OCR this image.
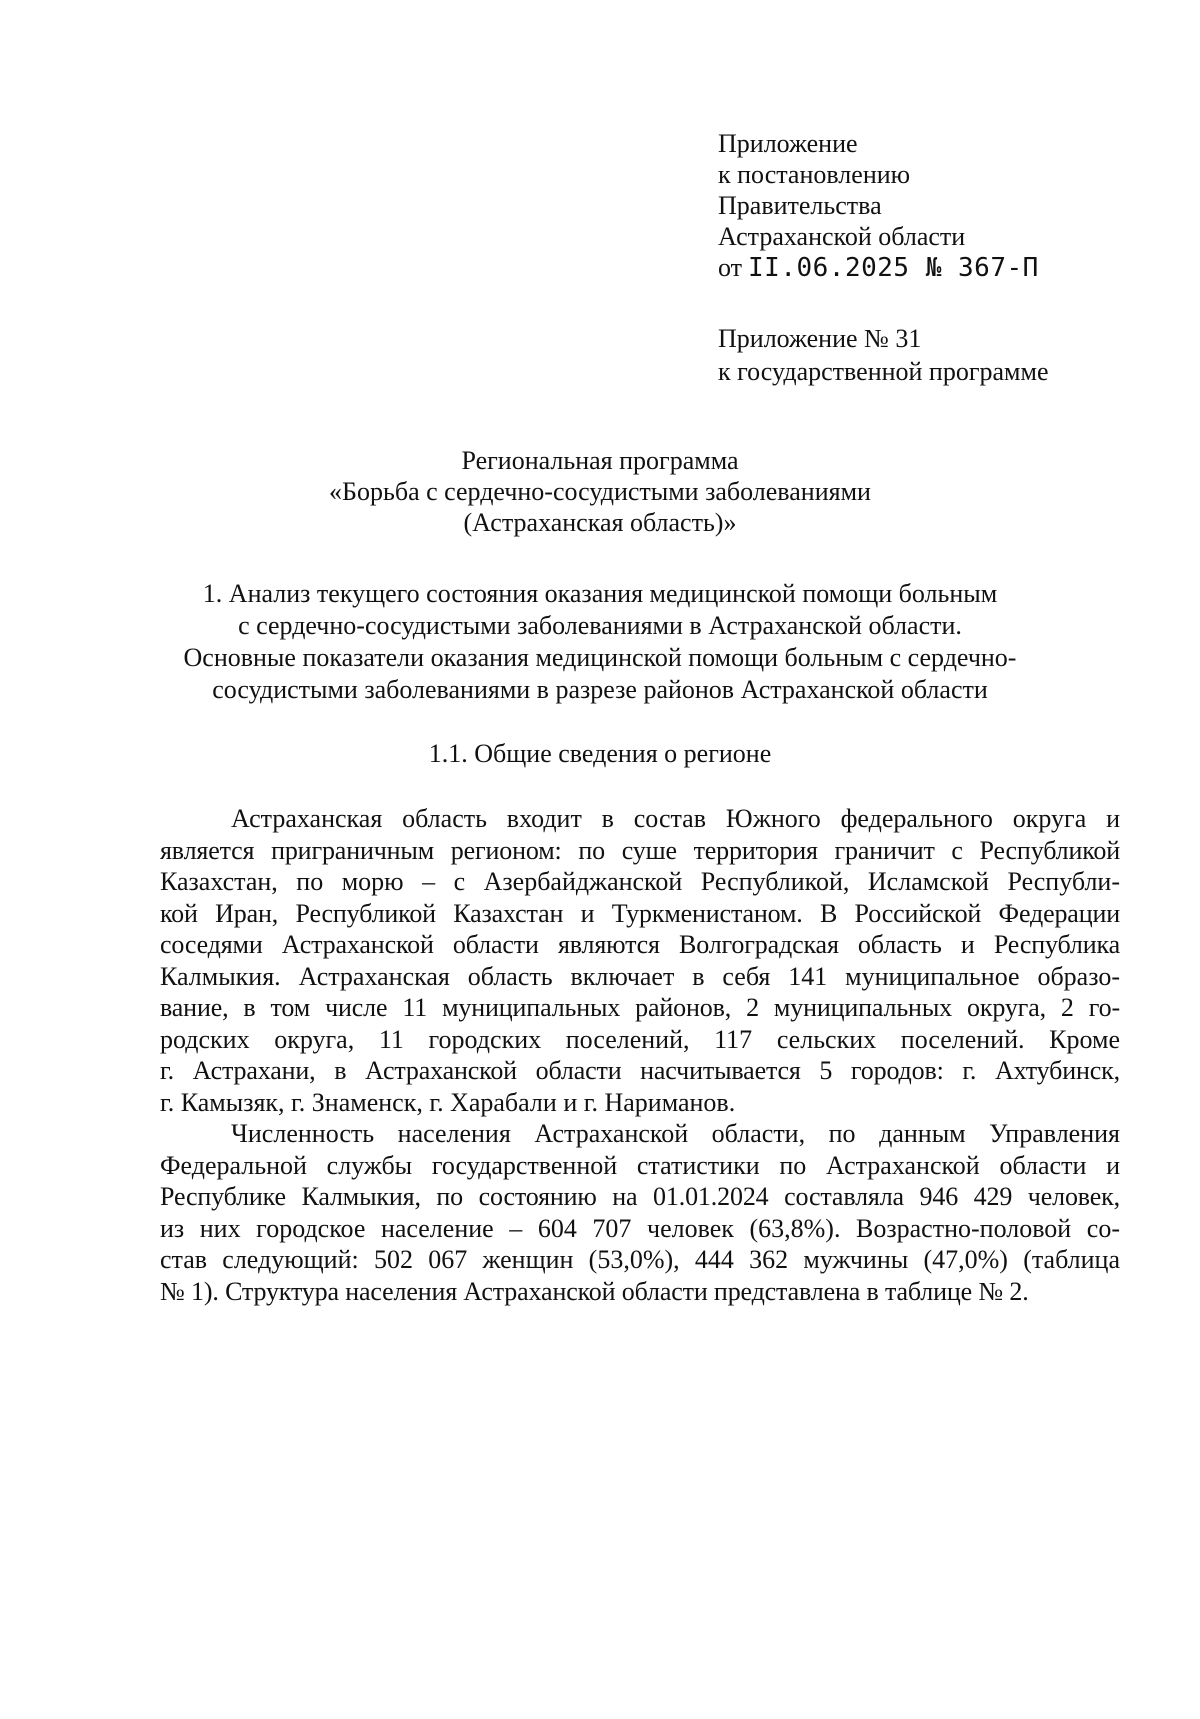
Приложение
к постановлению
Правительства
Астраханской области
от II.06.2025 № 367-П
Приложение № 31
к государственной программе
Региональная программа
«Борьба с сердечно-сосудистыми заболеваниями
(Астраханская область)»
1. Анализ текущего состояния оказания медицинской помощи больным
с сердечно-сосудистыми заболеваниями в Астраханской области.
Основные показатели оказания медицинской помощи больным с сердечно-
сосудистыми заболеваниями в разрезе районов Астраханской области
1.1. Общие сведения о регионе
Астраханская область входит в состав Южного федерального округа и
является приграничным регионом: по суше территория граничит с Республикой
Казахстан, по морю – с Азербайджанской Республикой, Исламской Республи-
кой Иран, Республикой Казахстан и Туркменистаном. В Российской Федерации
соседями Астраханской области являются Волгоградская область и Республика
Калмыкия. Астраханская область включает в себя 141 муниципальное образо-
вание, в том числе 11 муниципальных районов, 2 муниципальных округа, 2 го-
родских округа, 11 городских поселений, 117 сельских поселений. Кроме
г. Астрахани, в Астраханской области насчитывается 5 городов: г. Ахтубинск,
г. Камызяк, г. Знаменск, г. Харабали и г. Нариманов.
Численность населения Астраханской области, по данным Управления
Федеральной службы государственной статистики по Астраханской области и
Республике Калмыкия, по состоянию на 01.01.2024 составляла 946 429 человек,
из них городское население – 604 707 человек (63,8%). Возрастно-половой со-
став следующий: 502 067 женщин (53,0%), 444 362 мужчины (47,0%) (таблица
№ 1). Структура населения Астраханской области представлена в таблице № 2.
